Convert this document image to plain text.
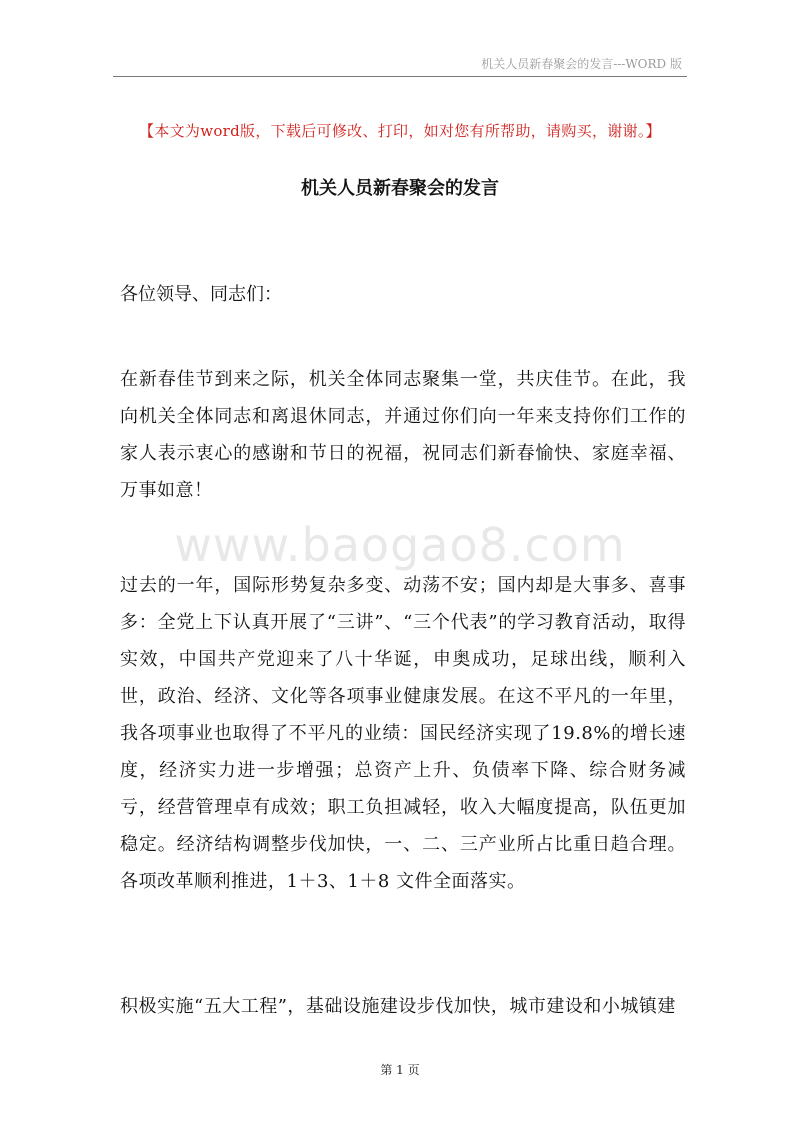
机关人员新春聚会的发言---WORD 版
【本文为word版，下载后可修改、打印，如对您有所帮助，请购买，谢谢。】
机关人员新春聚会的发言
各位领导、同志们：
在新春佳节到来之际，机关全体同志聚集一堂，共庆佳节。在此，我向机关全体同志和离退休同志，并通过你们向一年来支持你们工作的家人表示衷心的感谢和节日的祝福，祝同志们新春愉快、家庭幸福、万事如意！
过去的一年，国际形势复杂多变、动荡不安；国内却是大事多、喜事多：全党上下认真开展了“三讲”、“三个代表”的学习教育活动，取得实效，中国共产党迎来了八十华诞，申奥成功，足球出线，顺利入世，政治、经济、文化等各项事业健康发展。在这不平凡的一年里，我各项事业也取得了不平凡的业绩：国民经济实现了19.8%的增长速度，经济实力进一步增强；总资产上升、负债率下降、综合财务减亏，经营管理卓有成效；职工负担减轻，收入大幅度提高，队伍更加稳定。经济结构调整步伐加快，一、二、三产业所占比重日趋合理。各项改革顺利推进，1＋3、1＋8 文件全面落实。
积极实施“五大工程”，基础设施建设步伐加快，城市建设和小城镇建
www.baogao8.com
第 1 页
